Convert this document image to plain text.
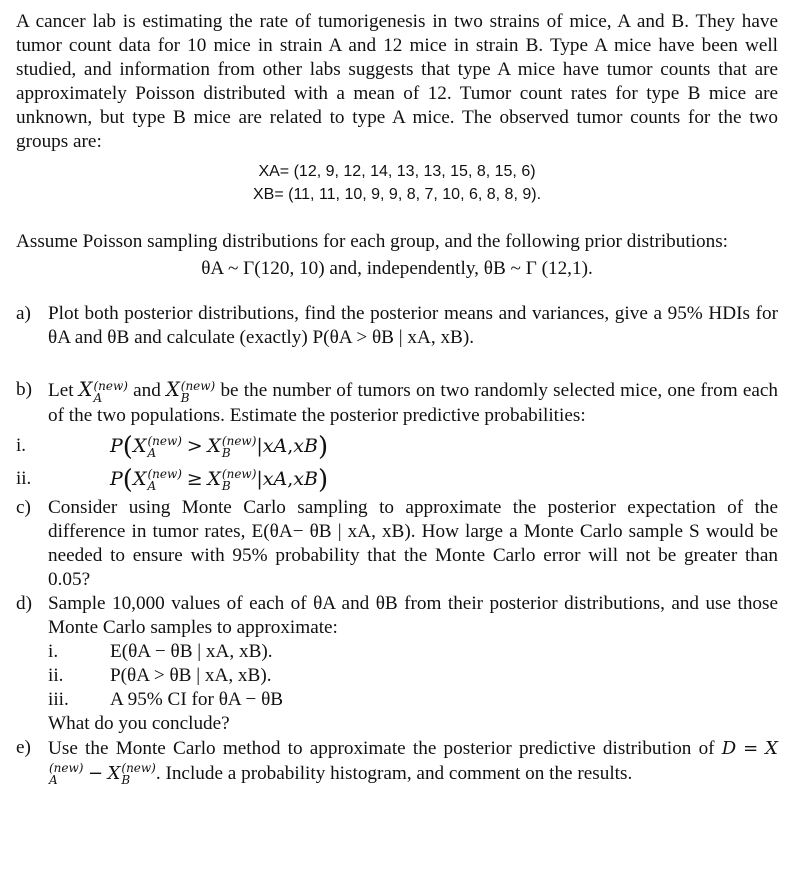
A cancer lab is estimating the rate of tumorigenesis in two strains of mice, A and B. They have tumor count data for 10 mice in strain A and 12 mice in strain B. Type A mice have been well studied, and information from other labs suggests that type A mice have tumor counts that are approximately Poisson distributed with a mean of 12. Tumor count rates for type B mice are unknown, but type B mice are related to type A mice. The observed tumor counts for the two groups are:

XA= (12, 9, 12, 14, 13, 13, 15, 8, 15, 6)
XB= (11, 11, 10, 9, 9, 8, 7, 10, 6, 8, 8, 9).

Assume Poisson sampling distributions for each group, and the following prior distributions:

θA ~ Γ(120, 10) and, independently, θB ~ Γ (12,1).
a) Plot both posterior distributions, find the posterior means and variances, give a 95% HDIs for θA and θB and calculate (exactly) P(θA > θB | xA, xB).
b) Let X (new)
A	and X (new)
B	be the number of tumors on two randomly selected mice, one from each of the two populations. Estimate the posterior predictive probabilities:
i.	P(X (new)
A	> X (new)
B	|xA,xB)
ii.	P(X (new)
A	≥ X (new)
B	|xA,xB)
c) Consider using Monte Carlo sampling to approximate the posterior expectation of the difference in tumor rates, E(θA− θB | xA, xB). How large a Monte Carlo sample S would be needed to ensure with 95% probability that the Monte Carlo error will not be greater than 0.05?
d) Sample 10,000 values of each of θA and θB from their posterior distributions, and use those Monte Carlo samples to approximate:
i.	E(θA − θB | xA, xB).
ii. P(θA > θB | xA, xB).
iii. A 95% CI for θA − θB
What do you conclude?
e) Use the Monte Carlo method to approximate the posterior predictive distribution of D = X
(new)
A	− X (new)
B	. Include a probability histogram, and comment on the results.
